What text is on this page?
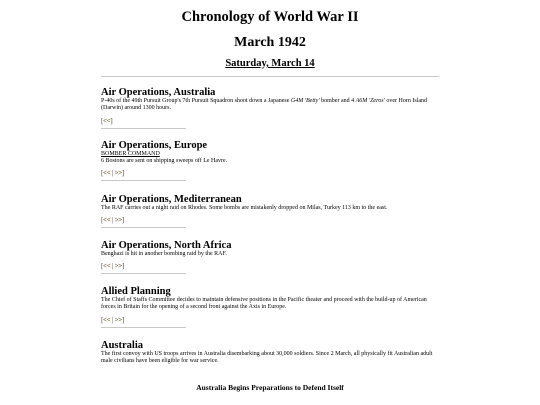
Chronology of World War II
March 1942
Saturday, March 14
Air Operations, Australia

P-40s of the 49th Pursuit Group's 7th Pursuit Squadron shoot down a Japanese G4M 'Betty' bomber and 4 A6M 'Zeros' over Horn Island (Darwin) around 1300 hours.

[<<]
Air Operations, Europe
BOMBER COMMAND

6 Bostons are sent on shipping sweeps off Le Havre.

[<< | >>]
Air Operations, Mediterranean

The RAF carries out a night raid on Rhodes. Some bombs are mistakenly dropped on Milas, Turkey 113 km to the east.

[<< | >>]
Air Operations, North Africa

Benghazi is hit in another bombing raid by the RAF.

[<< | >>]
Allied Planning

The Chief of Staffs Committee decides to maintain defensive positions in the Pacific theater and proceed with the build-up of American forces in Britain for the opening of a second front against the Axis in Europe.

[<< | >>]
Australia

The first convoy with US troops arrives in Australia disembarking about 30,000 soldiers. Since 2 March, all physically fit Australian adult male civilians have been eligible for war service.

Australia Begins Preparations to Defend Itself
